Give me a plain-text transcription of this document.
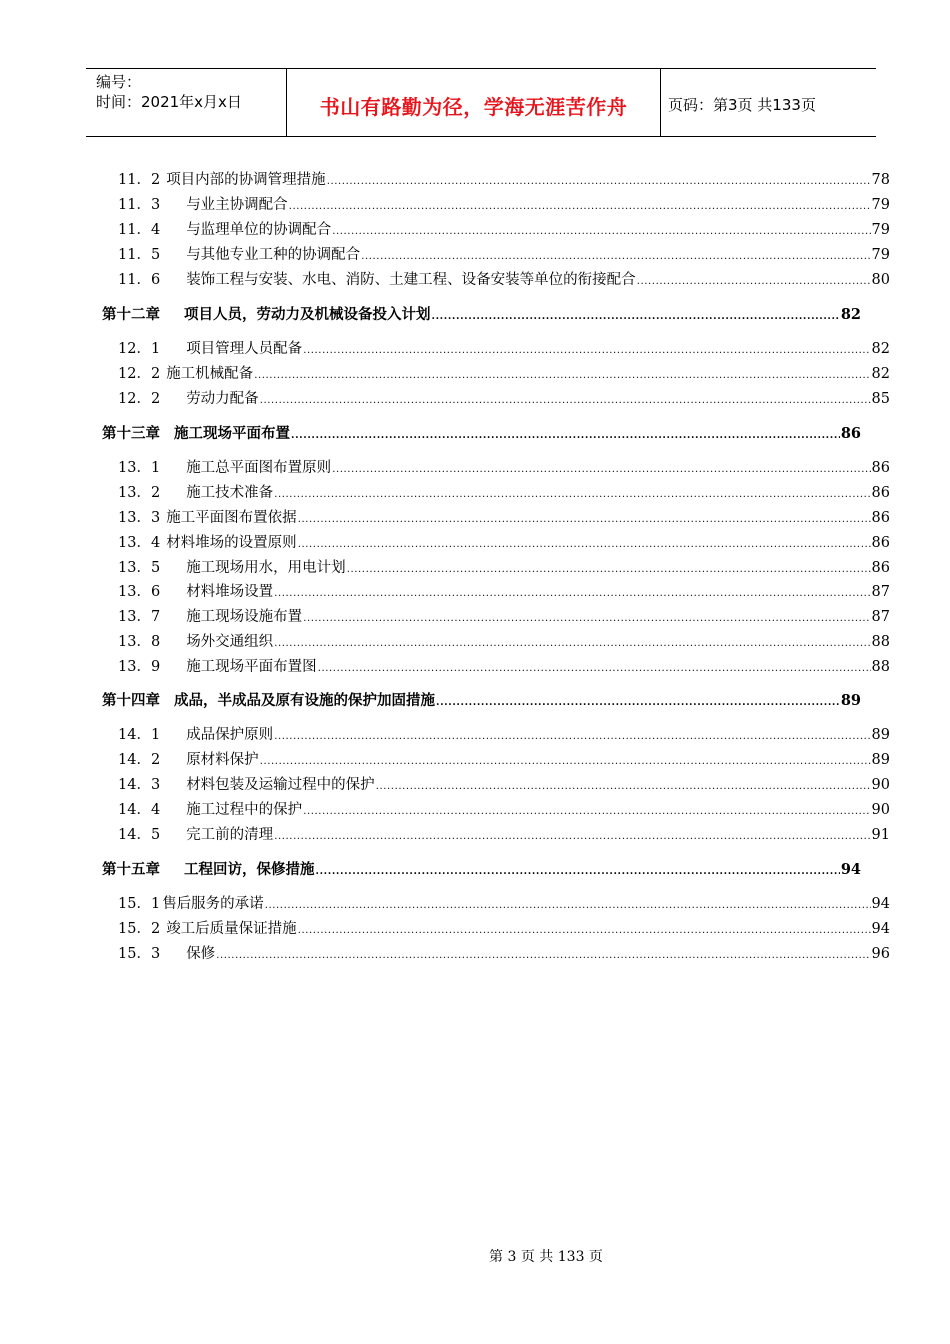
编号：
时间：2021年x月x日	书山有路勤为径，学海无涯苦作舟	页码：第3页 共133页
11．2 项目内部的协调管理措施 .....	78
11．3 与业主协调配合 .....	79
11．4 与监理单位的协调配合 .....	79
11．5 与其他专业工种的协调配合 .....	79
11．6 装饰工程与安装、水电、消防、土建工程、设备安装等单位的衔接配合 .....	80
第十二章 项目人员，劳动力及机械设备投入计划 .....	82
12．1 项目管理人员配备 .....	82
12．2 施工机械配备 .....	82
12．2 劳动力配备 .....	85
第十三章 施工现场平面布置 .....	86
13．1 施工总平面图布置原则 .....	86
13．2 施工技术准备 .....	86
13．3 施工平面图布置依据 .....	86
13．4 材料堆场的设置原则 .....	86
13．5 施工现场用水，用电计划 .....	86
13．6 材料堆场设置 .....	87
13．7 施工现场设施布置 .....	87
13．8 场外交通组织 .....	88
13．9 施工现场平面布置图 .....	88
第十四章 成品，半成品及原有设施的保护加固措施 .....	89
14．1 成品保护原则 .....	89
14．2 原材料保护 .....	89
14．3 材料包装及运输过程中的保护 .....	90
14．4 施工过程中的保护 .....	90
14．5 完工前的清理 .....	91
第十五章 工程回访，保修措施 .....	94
15．1 售后服务的承诺 .....	94
15．2 竣工后质量保证措施 .....	94
15．3 保修 .....	96
第 3 页 共 133 页
